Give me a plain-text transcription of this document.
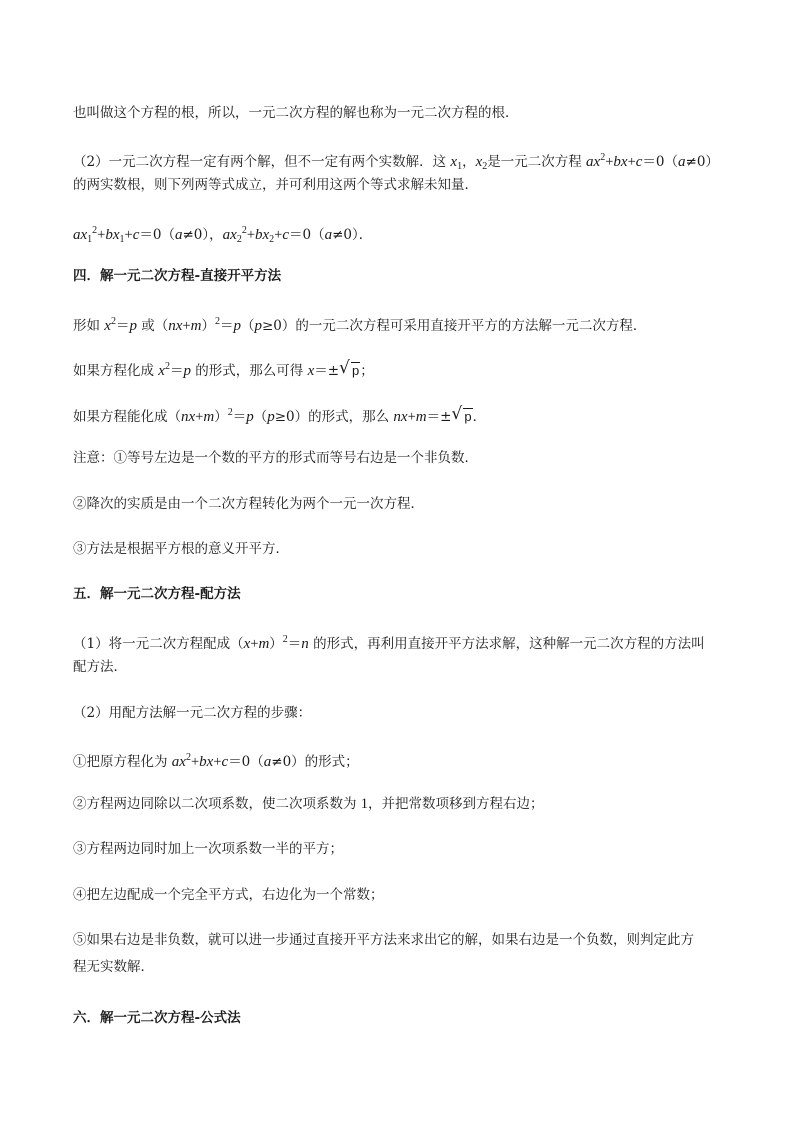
也叫做这个方程的根，所以，一元二次方程的解也称为一元二次方程的根．
（2）一元二次方程一定有两个解，但不一定有两个实数解．这 $x_1$，$x_2$是一元二次方程 $ax^2+bx+c=0(a\ne 0)$
的两实数根，则下列两等式成立，并可利用这两个等式求解未知量．
$ax_1^2+bx_1+c=0(a\ne 0)$，$ax_2^2+bx_2+c=0(a\ne 0)$．
四．解一元二次方程-直接开平方法
形如 $x^2=p$ 或$(nx+m)^2=p(p\ge 0)$的一元二次方程可采用直接开平方的方法解一元二次方程．
如果方程化成 $x^2=p$ 的形式，那么可得 x＝± √ p；
如果方程能化成$(nx+m)^2=p(p\ge 0)$的形式，那么 nx+m＝± √ p．
注意：①等号左边是一个数的平方的形式而等号右边是一个非负数．
②降次的实质是由一个二次方程转化为两个一元一次方程．
③方法是根据平方根的意义开平方．
五．解一元二次方程-配方法
（1）将一元二次方程配成$(x+m)^2=n$ 的形式，再利用直接开平方法求解，这种解一元二次方程的方法叫
配方法．
（2）用配方法解一元二次方程的步骤：
①把原方程化为 $ax^2+bx+c=0(a\ne 0)$的形式；
②方程两边同除以二次项系数，使二次项系数为 1，并把常数项移到方程右边；
③方程两边同时加上一次项系数一半的平方；
④把左边配成一个完全平方式，右边化为一个常数；
⑤如果右边是非负数，就可以进一步通过直接开平方法来求出它的解，如果右边是一个负数，则判定此方
程无实数解．
六．解一元二次方程-公式法
